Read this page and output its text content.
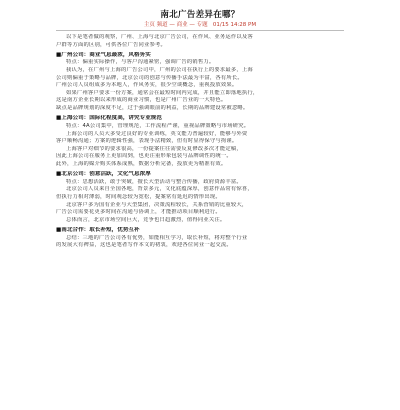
南北广告差异在哪？
主页 频道 — 商业 — 专题 01/15 14:28 PM
以下是笔者做的观察，广州、上海与北京广告公司，在作风、业务运作以及客
户群等方面的区别，可供各位广告同业参考。
■广州公司：商业气息最浓，风格务实
特点：偏重实际操作，与客户沟通紧密，强调广告的销售力。
我认为，在广州与上海的广告公司中，广州的公司在执行上的要求最多，上海
公司则偏重于策略与品牌，北京公司的创意与传播手法最为丰富，各有所长。
广州公司人员组成多为本地人，作风务实，很少空谈概念，重视投放效果。
如果广州客户要求一份方案，通常会在最短时间内完成，并且能立即落地执行，
这是南方企业长期以来形成的商业习惯，也是广州广告业的一大特色。
缺点是品牌规划的深度不足，过于强调眼前的利益，长期的品牌建设常被忽略。
■上海公司：国际化程度高，讲究专业规范
特点：4A公司集中，管理规范，工作流程严谨，重视品牌策略与市场研究。
上海公司的人员大多受过良好的专业训练，英文能力普遍较好，能够与外资
客户顺畅沟通；方案的逻辑性强，表现手法精致，但有时显得保守与拘谨。
上海客户对细节的要求很高，一份提案往往需要反复修改多次才能定稿，
因此上海公司在服务上更加周到，也更注重形象包装与品牌调性的统一。
此外，上海的媒介购买体系成熟，数据分析完备，投放更为精准有效。
■北京公司：创意活跃，文化气息浓厚
特点：思想活跃，敢于突破，擅长大型活动与整合传播，政府资源丰富。
北京公司人员来自全国各地，背景多元，文化底蕴深厚，创意作品常有惊喜，
但执行力相对薄弱，时间观念较为宽松，提案常有延迟的情形出现。
北京客户多为国有企业与大型集团，决策流程较长，关系营销的比重较大，
广告公司需要花更多时间在沟通与协调上，才能推动项目顺利进行。
总体而言，北京市场空间巨大，竞争也日趋激烈，值得同业关注。
■南北合作：取长补短，优势互补
总结：三地的广告公司各有优势，如能相互学习，取长补短，将对整个行业
的发展大有裨益，这也是笔者写作本文的初衷，欢迎各位同业一起交流。
